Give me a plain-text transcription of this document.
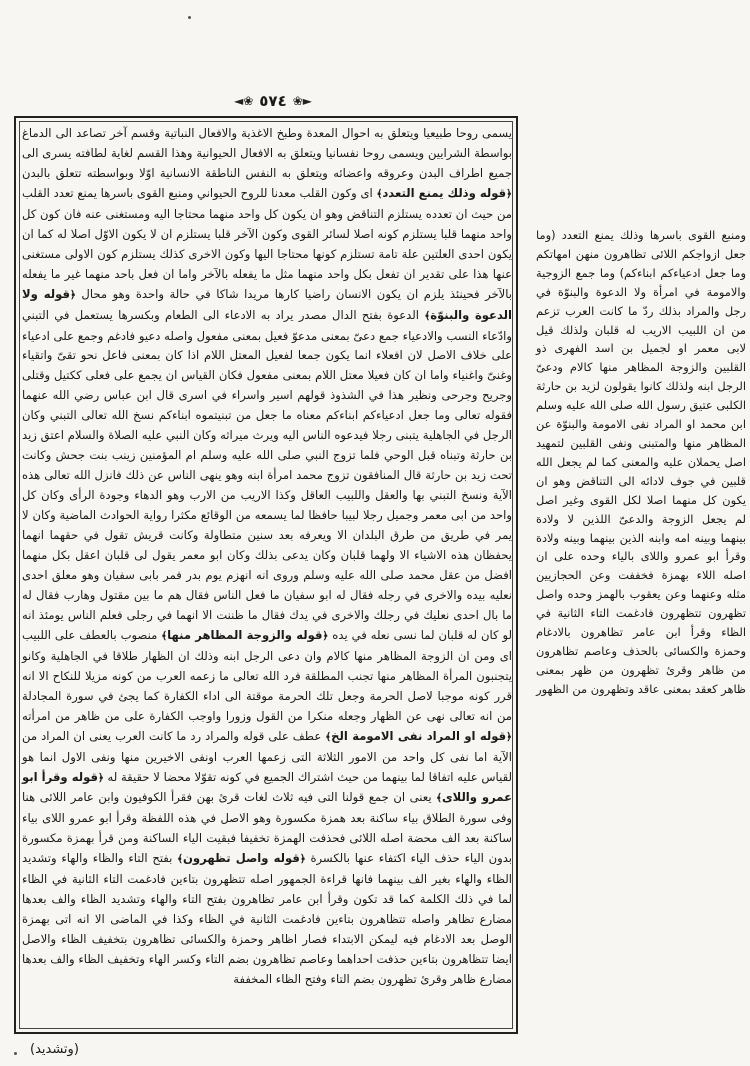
◄❀ ٥٧٤ ❀►

يسمى روحا طبيعيا ويتعلق به احوال المعدة وطبخ الاغذية والافعال النباتية وقسم آخر تصاعد الى الدماغ بواسطة الشرايين ويسمى روحا نفسانيا ويتعلق به الافعال الحيوانية وهذا القسم لغاية لطافته يسرى الى جميع اطراف البدن وعروقه واعضائه ويتعلق به النفس الناطقة الانسانية اوّلا وبواسطته تتعلق بالبدن ﴿قوله وذلك يمنع التعدد﴾ اى وكون القلب معدنا للروح الحيواني ومنبع القوى باسرها يمنع تعدد القلب من حيث ان تعدده يستلزم التناقض وهو ان يكون كل واحد منهما محتاجا اليه ومستغنى عنه فان كون كل واحد منهما قلبا يستلزم كونه اصلا لسائر القوى وكون الآخر قلبا يستلزم ان لا يكون الاوّل اصلا له كما ان يكون احدى العلتين علة تامة تستلزم كونها محتاجا اليها وكون الاخرى كذلك يستلزم كون الاولى مستغنى عنها هذا على تقدير ان تفعل بكل واحد منهما مثل ما يفعله بالآخر واما ان فعل باحد منهما غير ما يفعله بالآخر فحينئذ يلزم ان يكون الانسان راضيا كارها مريدا شاكا في حالة واحدة وهو محال ﴿قوله ولا الدعوة والبنوّة﴾ الدعوة بفتح الدال مصدر يراد به الادعاء الى الطعام وبكسرها يستعمل في التبني وادّعاء النسب والادعياء جمع دعىّ بمعنى مدعوّ فعيل بمعنى مفعول واصله دعيو فادغم وجمع على ادعياء على خلاف الاصل لان افعلاء انما يكون جمعا لفعيل المعتل اللام اذا كان بمعنى فاعل نحو تقىّ واتقياء وغنىّ واغنياء واما ان كان فعيلا معتل اللام بمعنى مفعول فكان القياس ان يجمع على فعلى ككتيل وقتلى وجريح وجرحى ونظير هذا في الشذوذ قولهم اسير واسراء في اسرى قال ابن عباس رضي الله عنهما فقوله تعالى وما جعل ادعياءكم ابناءكم معناه ما جعل من تبنيتموه ابناءكم نسخ الله تعالى التبني وكان الرجل في الجاهلية يتبنى رجلا فيدعوه الناس اليه ويرث ميراثه وكان النبي عليه الصلاة والسلام اعتق زيد بن حارثة وتبناه قبل الوحي فلما تزوج النبي صلى الله عليه وسلم ام المؤمنين زينب بنت جحش وكانت تحت زيد بن حارثة قال المنافقون تزوج محمد امرأة ابنه وهو ينهى الناس عن ذلك فانزل الله تعالى هذه الآية ونسخ التبني بها والعقل واللبيب العاقل وكذا الاريب من الارب وهو الدهاء وجودة الرأى وكان كل واحد من ابى معمر وجميل رجلا لبيبا حافظا لما يسمعه من الوقائع مكثرا رواية الحوادث الماضية وكان لا يمر في طريق من طرق البلدان الا ويعرفه بعد سنين متطاولة وكانت قريش تقول في حقهما انهما يحفظان هذه الاشياء الا ولهما قلبان وكان يدعى بذلك وكان ابو معمر يقول لى قلبان اعقل بكل منهما افضل من عقل محمد صلى الله عليه وسلم وروى انه انهزم يوم بدر فمر بابى سفيان وهو معلق احدى نعليه بيده والاخرى في رجله فقال له ابو سفيان ما فعل الناس فقال هم ما بين مقتول وهارب فقال له ما بال احدى نعليك في رجلك والاخرى في يدك فقال ما ظننت الا انهما في رجلى فعلم الناس يومئذ انه لو كان له قلبان لما نسى نعله في يده ﴿قوله والزوجة المظاهر منها﴾ منصوب بالعطف على اللبيب اى ومن ان الزوجة المظاهر منها كالام وان دعى الرجل ابنه وذلك ان الظهار طلاقا في الجاهلية وكانو يتجنبون المرأة المظاهر منها تجنب المطلقة فرد الله تعالى ما زعمه العرب من كونه مزيلا للنكاح الا انه قرر كونه موجبا لاصل الحرمة وجعل تلك الحرمة موقتة الى اداء الكفارة كما يجئ في سورة المجادلة من انه تعالى نهى عن الظهار وجعله منكرا من القول وزورا واوجب الكفارة على من ظاهر من امرأته ﴿قوله او المراد نفى الامومة الخ﴾ عطف على قوله والمراد رد ما كانت العرب يعنى ان المراد من الآية اما نفى كل واحد من الامور الثلاثة التى زعمها العرب اونفى الاخيرين منها ونفى الاول انما هو لقياس عليه اتفاقا لما بينهما من حيث اشتراك الجميع في كونه تقوّلا محضا لا حقيقة له ﴿قوله وقرأ ابو عمرو واللاى﴾ يعنى ان جمع قولنا التى فيه ثلاث لغات قرئ بهن فقرأ الكوفيون وابن عامر اللائى هنا وفى سورة الطلاق بياء ساكنة بعد همزة مكسورة وهو الاصل في هذه اللفظة وقرأ ابو عمرو اللاى بياء ساكنة بعد الف محضة اصله اللائى فحذفت الهمزة تخفيفا فبقيت الياء الساكنة ومن قرأ بهمزة مكسورة بدون الياء حذف الياء اكتفاء عنها بالكسرة ﴿قوله واصل تظهرون﴾ بفتح التاء والظاء والهاء وتشديد الظاء والهاء بغير الف بينهما فانها قراءة الجمهور اصله تتظهرون بتاءين فادغمت التاء الثانية في الظاء لما في ذلك الكلمة كما قد تكون وقرأ ابن عامر تظاهرون بفتح التاء والهاء وتشديد الظاء والف بعدها مضارع تظاهر واصله تتظاهرون بتاءين فادغمت الثانية في الظاء وكذا في الماضى الا انه اتى بهمزة الوصل بعد الادغام فيه ليمكن الابتداء فصار اظاهر وحمزة والكسائى تظاهرون بتخفيف الظاء والاصل ايضا تتظاهرون بتاءين حذفت احداهما وعاصم تظاهرون بضم التاء وكسر الهاء وتخفيف الظاء والف بعدها مضارع ظاهر وقرئ تظهرون بضم التاء وفتح الظاء المخففة

ومنبع القوى باسرها وذلك يمنع التعدد (وما جعل ازواجكم اللائى تظاهرون منهن امهاتكم وما جعل ادعياءكم ابناءكم) وما جمع الزوجية والامومة في امرأة ولا الدعوة والبنوّة في رجل والمراد بذلك ردّ ما كانت العرب تزعم من ان اللبيب الاريب له قلبان ولذلك قيل لابى معمر او لجميل بن اسد الفهرى ذو القلبين والزوجة المظاهر منها كالام ودعىّ الرجل ابنه ولذلك كانوا يقولون لزيد بن حارثة الكلبى عتيق رسول الله صلى الله عليه وسلم ابن محمد او المراد نفى الامومة والبنوّة عن المظاهر منها والمتبنى ونفى القلبين لتمهيد اصل يحملان عليه والمعنى كما لم يجعل الله قلبين في جوف لادائه الى التناقض وهو ان يكون كل منهما اصلا لكل القوى وغير اصل لم يجعل الزوجة والدعىّ اللذين لا ولادة بينهما وبينه امه وابنه الذين بينهما وبينه ولادة وقرأ ابو عمرو واللاى بالياء وحده على ان اصله اللاء بهمزة فخففت وعن الحجازيين مثله وعنهما وعن يعقوب بالهمز وحده واصل تظهرون تتظهرون فادغمت التاء الثانية في الظاء وقرأ ابن عامر تظاهرون بالادغام وحمزة والكسائى بالحذف وعاصم تظاهرون من ظاهر وقرئ تظهرون من ظهر بمعنى ظاهر كعقد بمعنى عاقد وتظهرون من الظهور

(وتشديد)
